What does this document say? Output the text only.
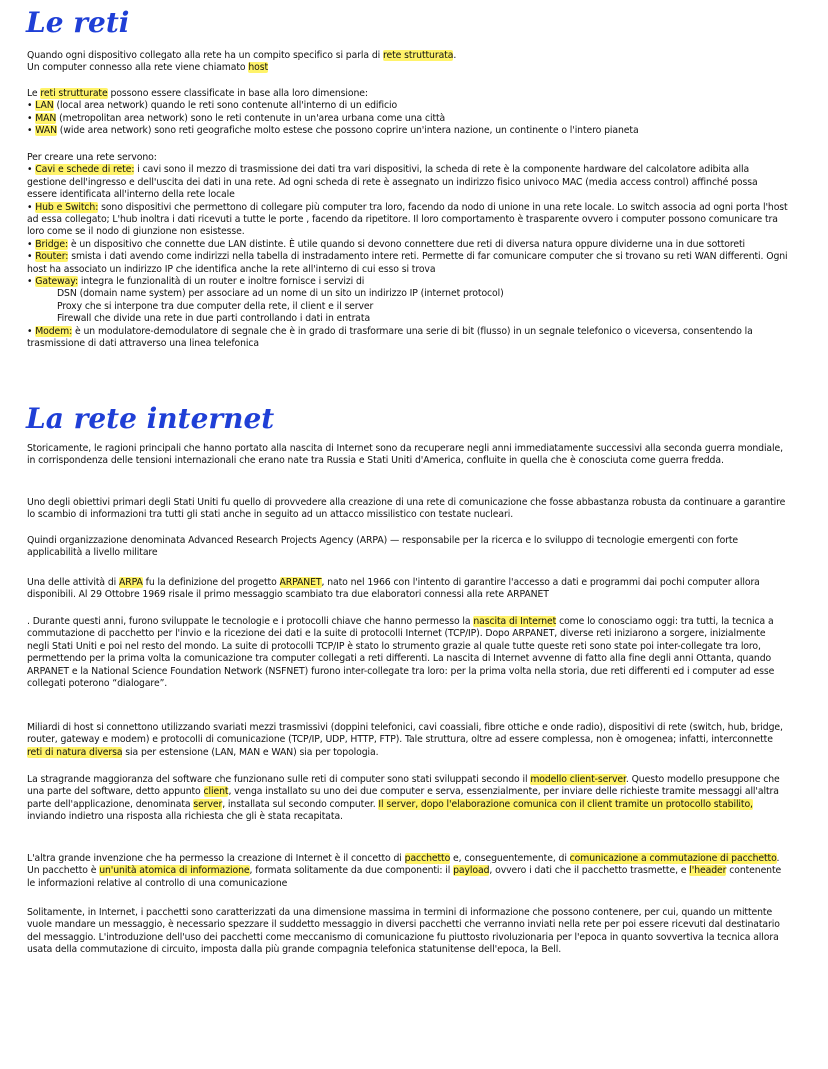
Le reti

Quando ogni dispositivo collegato alla rete ha un compito specifico si parla di rete strutturata.

Un computer connesso alla rete viene chiamato host

Le reti strutturate possono essere classificate in base alla loro dimensione:

• LAN (local area network) quando le reti sono contenute all'interno di un edificio

• MAN (metropolitan area network) sono le reti contenute in un'area urbana come una città

• WAN (wide area network) sono reti geografiche molto estese che possono coprire un'intera nazione, un continente o l'intero pianeta

Per creare una rete servono:

• Cavi e schede di rete: i cavi sono il mezzo di trasmissione dei dati tra vari dispositivi, la scheda di rete è la componente hardware del calcolatore adibita alla gestione dell'ingresso e dell'uscita dei dati in una rete. Ad ogni scheda di rete è assegnato un indirizzo fisico univoco MAC (media access control) affinché possa essere identificata all'interno della rete locale

• Hub e Switch: sono dispositivi che permettono di collegare più computer tra loro, facendo da nodo di unione in una rete locale. Lo switch associa ad ogni porta l'host ad essa collegato; L'hub inoltra i dati ricevuti a tutte le porte , facendo da ripetitore. Il loro comportamento è trasparente ovvero i computer possono comunicare tra loro come se il nodo di giunzione non esistesse.

• Bridge: è un dispositivo che connette due LAN distinte. È utile quando si devono connettere due reti di diversa natura oppure dividerne una in due sottoreti

• Router: smista i dati avendo come indirizzi nella tabella di instradamento intere reti. Permette di far comunicare computer che si trovano su reti WAN differenti. Ogni host ha associato un indirizzo IP che identifica anche la rete all'interno di cui esso si trova

• Gateway: integra le funzionalità di un router e inoltre fornisce i servizi di

DSN (domain name system) per associare ad un nome di un sito un indirizzo IP (internet protocol)

Proxy che si interpone tra due computer della rete, il client e il server

Firewall che divide una rete in due parti controllando i dati in entrata

• Modem: è un modulatore-demodulatore di segnale che è in grado di trasformare una serie di bit (flusso) in un segnale telefonico o viceversa, consentendo la trasmissione di dati attraverso una linea telefonica

La rete internet

Storicamente, le ragioni principali che hanno portato alla nascita di Internet sono da recuperare negli anni immediatamente successivi alla seconda guerra mondiale, in corrispondenza delle tensioni internazionali che erano nate tra Russia e Stati Uniti d'America, confluite in quella che è conosciuta come guerra fredda.

Uno degli obiettivi primari degli Stati Uniti fu quello di provvedere alla creazione di una rete di comunicazione che fosse abbastanza robusta da continuare a garantire lo scambio di informazioni tra tutti gli stati anche in seguito ad un attacco missilistico con testate nucleari.

Quindi organizzazione denominata Advanced Research Projects Agency (ARPA) — responsabile per la ricerca e lo sviluppo di tecnologie emergenti con forte applicabilità a livello militare

Una delle attività di ARPA fu la definizione del progetto ARPANET, nato nel 1966 con l'intento di garantire l'accesso a dati e programmi dai pochi computer allora disponibili. Al 29 Ottobre 1969 risale il primo messaggio scambiato tra due elaboratori connessi alla rete ARPANET

. Durante questi anni, furono sviluppate le tecnologie e i protocolli chiave che hanno permesso la nascita di Internet come lo conosciamo oggi: tra tutti, la tecnica a commutazione di pacchetto per l'invio e la ricezione dei dati e la suite di protocolli Internet (TCP/IP). Dopo ARPANET, diverse reti iniziarono a sorgere, inizialmente negli Stati Uniti e poi nel resto del mondo. La suite di protocolli TCP/IP è stato lo strumento grazie al quale tutte queste reti sono state poi inter-collegate tra loro, permettendo per la prima volta la comunicazione tra computer collegati a reti differenti. La nascita di Internet avvenne di fatto alla fine degli anni Ottanta, quando ARPANET e la National Science Foundation Network (NSFNET) furono inter-collegate tra loro: per la prima volta nella storia, due reti differenti ed i computer ad esse collegati poterono “dialogare”.

Miliardi di host si connettono utilizzando svariati mezzi trasmissivi (doppini telefonici, cavi coassiali, fibre ottiche e onde radio), dispositivi di rete (switch, hub, bridge, router, gateway e modem) e protocolli di comunicazione (TCP/IP, UDP, HTTP, FTP). Tale struttura, oltre ad essere complessa, non è omogenea; infatti, interconnette reti di natura diversa sia per estensione (LAN, MAN e WAN) sia per topologia.

La stragrande maggioranza del software che funzionano sulle reti di computer sono stati sviluppati secondo il modello client-server. Questo modello presuppone che una parte del software, detto appunto client, venga installato su uno dei due computer e serva, essenzialmente, per inviare delle richieste tramite messaggi all'altra parte dell'applicazione, denominata server, installata sul secondo computer. Il server, dopo l'elaborazione comunica con il client tramite un protocollo stabilito, inviando indietro una risposta alla richiesta che gli è stata recapitata.

L'altra grande invenzione che ha permesso la creazione di Internet è il concetto di pacchetto e, conseguentemente, di comunicazione a commutazione di pacchetto. Un pacchetto è un'unità atomica di informazione, formata solitamente da due componenti: il payload, ovvero i dati che il pacchetto trasmette, e l'header contenente le informazioni relative al controllo di una comunicazione

Solitamente, in Internet, i pacchetti sono caratterizzati da una dimensione massima in termini di informazione che possono contenere, per cui, quando un mittente vuole mandare un messaggio, è necessario spezzare il suddetto messaggio in diversi pacchetti che verranno inviati nella rete per poi essere ricevuti dal destinatario del messaggio. L'introduzione dell'uso dei pacchetti come meccanismo di comunicazione fu piuttosto rivoluzionaria per l'epoca in quanto sovvertiva la tecnica allora usata della commutazione di circuito, imposta dalla più grande compagnia telefonica statunitense dell'epoca, la Bell.
